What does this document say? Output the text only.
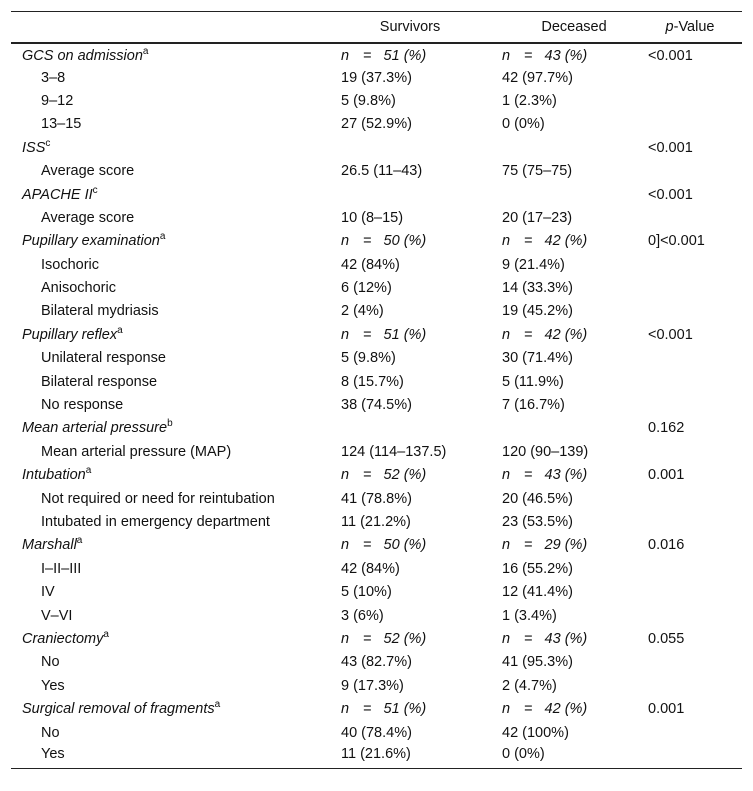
	Survivors	Deceased	p-Value
GCS on admission$^a$	n = 51 (%)	n = 43 (%)	<0.001
3–8	19 (37.3%)	42 (97.7%)	
9–12	5 (9.8%)	1 (2.3%)	
13–15	27 (52.9%)	0 (0%)	
ISS$^c$			<0.001
Average score	26.5 (11–43)	75 (75–75)	
APACHE $II^c$			<0.001
Average score	10 (8–15)	20 (17–23)	
Pupillary examination$^a$	n = 50 (%)	n = 42 (%)	0]<0.001
Isochoric	42 (84%)	9 (21.4%)	
Anisochoric	6 (12%)	14 (33.3%)	
Bilateral mydriasis	2 (4%)	19 (45.2%)	
Pupillary reflex$^a$	n = 51 (%)	n = 42 (%)	<0.001
Unilateral response	5 (9.8%)	30 (71.4%)	
Bilateral response	8 (15.7%)	5 (11.9%)	
No response	38 (74.5%)	7 (16.7%)	
Mean arterial pressure$^b$			0.162
Mean arterial pressure (MAP)	124 (114–137.5)	120 (90–139)	
Intubation$^a$	n = 52 (%)	n = 43 (%)	0.001
Not required or need for reintubation	41 (78.8%)	20 (46.5%)	
Intubated in emergency department	11 (21.2%)	23 (53.5%)	
Marshall$^a$	n = 50 (%)	n = 29 (%)	0.016
I–II–III	42 (84%)	16 (55.2%)	
IV	5 (10%)	12 (41.4%)	
V–VI	3 (6%)	1 (3.4%)	
Craniectomy$^a$	n = 52 (%)	n = 43 (%)	0.055
No	43 (82.7%)	41 (95.3%)	
Yes	9 (17.3%)	2 (4.7%)	
Surgical removal of fragments$^a$	n = 51 (%)	n = 42 (%)	0.001
No	40 (78.4%)	42 (100%)	
Yes	11 (21.6%)	0 (0%)	
